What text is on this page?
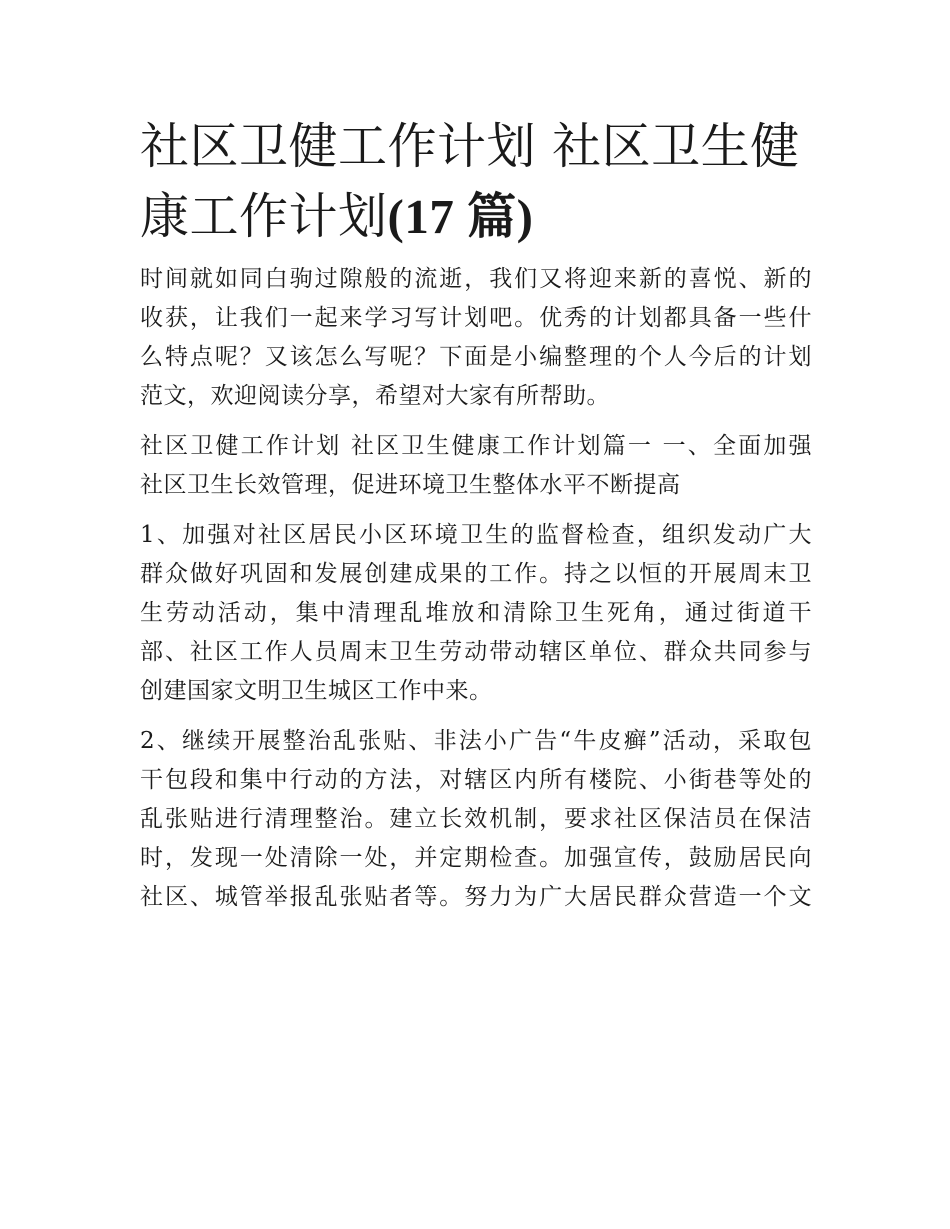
社区卫健工作计划 社区卫生健
康工作计划(17 篇)

时间就如同白驹过隙般的流逝，我们又将迎来新的喜悦、新的
收获，让我们一起来学习写计划吧。优秀的计划都具备一些什
么特点呢？又该怎么写呢？下面是小编整理的个人今后的计划
范文，欢迎阅读分享，希望对大家有所帮助。

社区卫健工作计划 社区卫生健康工作计划篇一 一、全面加强
社区卫生长效管理，促进环境卫生整体水平不断提高

1、加强对社区居民小区环境卫生的监督检查，组织发动广大
群众做好巩固和发展创建成果的工作。持之以恒的开展周末卫
生劳动活动，集中清理乱堆放和清除卫生死角，通过街道干
部、社区工作人员周末卫生劳动带动辖区单位、群众共同参与
创建国家文明卫生城区工作中来。

2、继续开展整治乱张贴、非法小广告“牛皮癣”活动，采取包
干包段和集中行动的方法，对辖区内所有楼院、小街巷等处的
乱张贴进行清理整治。建立长效机制，要求社区保洁员在保洁
时，发现一处清除一处，并定期检查。加强宣传，鼓励居民向
社区、城管举报乱张贴者等。努力为广大居民群众营造一个文
